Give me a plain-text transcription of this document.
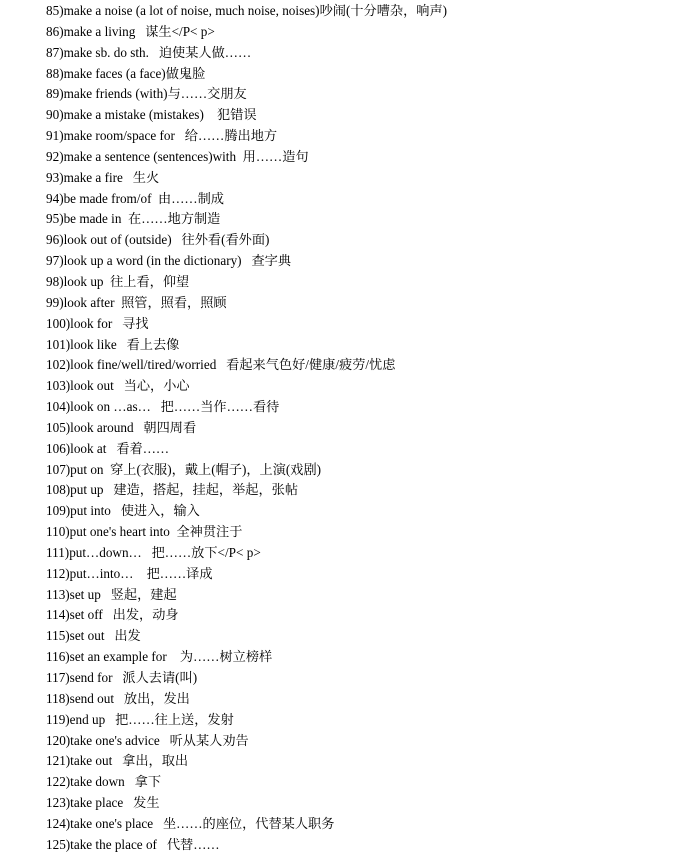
85)make a noise (a lot of noise, much noise, noises)吵闹(十分嘈杂，响声)
86)make a living   谋生</P< p>
87)make sb. do sth.   迫使某人做……
88)make faces (a face)做鬼脸
89)make friends (with)与……交朋友
90)make a mistake (mistakes)    犯错误
91)make room/space for   给……腾出地方
92)make a sentence (sentences)with  用……造句
93)make a fire   生火
94)be made from/of  由……制成
95)be made in  在……地方制造
96)look out of (outside)   往外看(看外面)
97)look up a word (in the dictionary)   查字典
98)look up  往上看，仰望
99)look after  照管，照看，照顾
100)look for   寻找
101)look like   看上去像
102)look fine/well/tired/worried   看起来气色好/健康/疲劳/忧虑
103)look out   当心，小心
104)look on …as…   把……当作……看待
105)look around   朝四周看
106)look at   看着……
107)put on  穿上(衣服)，戴上(帽子)，上演(戏剧)
108)put up   建造，搭起，挂起，举起，张帖
109)put into   使进入，输入
110)put one's heart into  全神贯注于
111)put…down…   把……放下</P< p>
112)put…into…    把……译成
113)set up   竖起，建起
114)set off   出发，动身
115)set out   出发
116)set an example for    为……树立榜样
117)send for   派人去请(叫)
118)send out   放出，发出
119)end up   把……往上送，发射
120)take one's advice   听从某人劝告
121)take out   拿出，取出
122)take down   拿下
123)take place   发生
124)take one's place   坐……的座位，代替某人职务
125)take the place of   代替……
